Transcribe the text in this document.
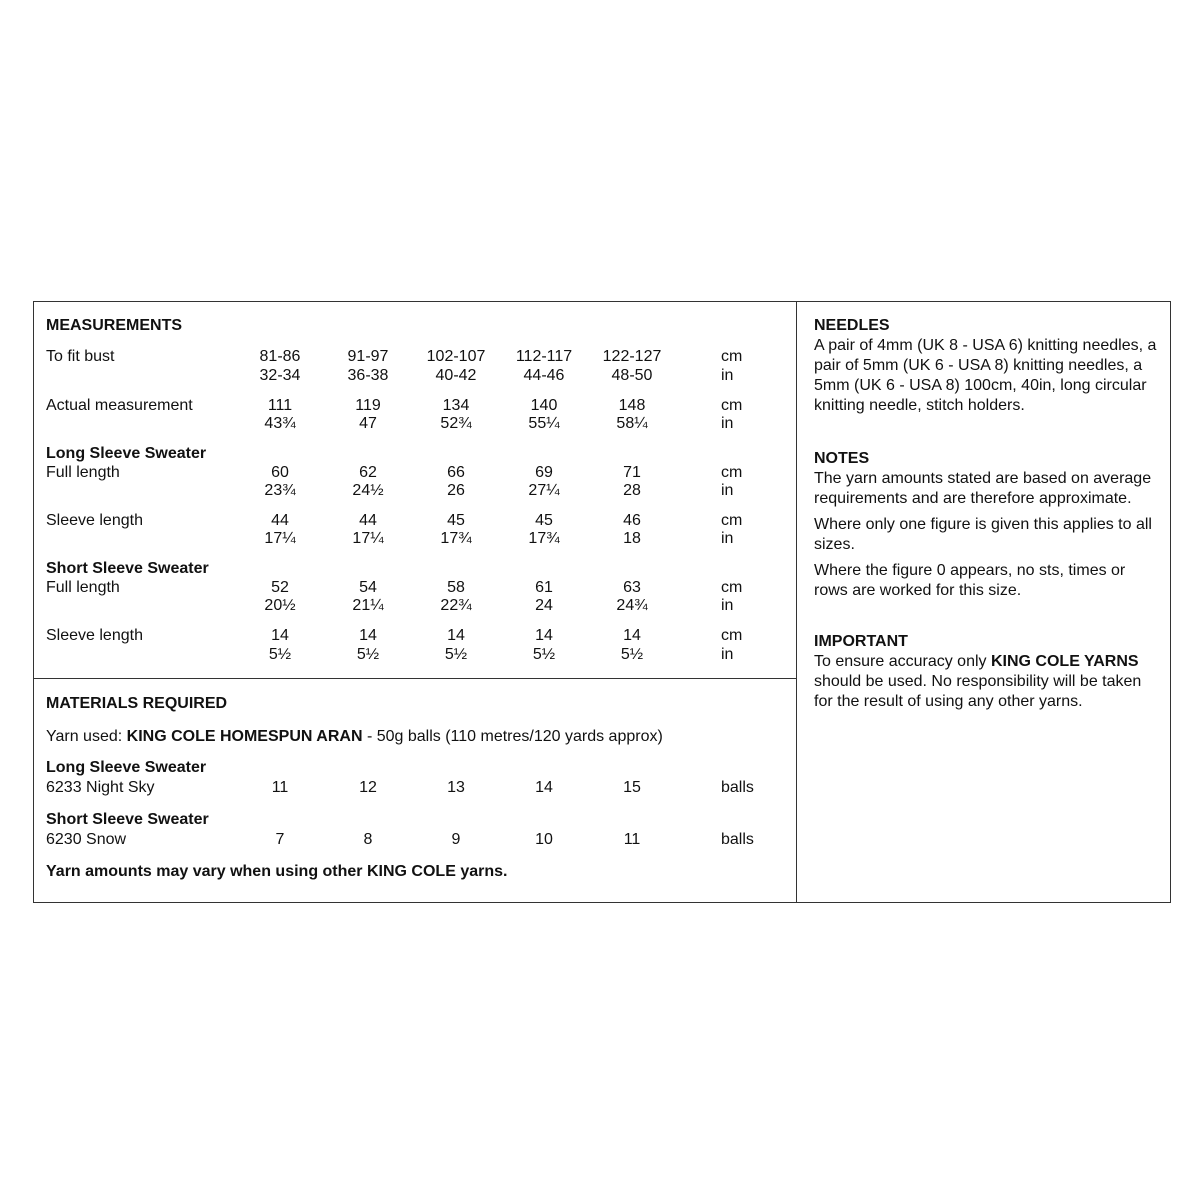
MEASUREMENTS
To fit bust	81-86	91-97	102-107	112-117	122-127	cm
32-34	36-38	40-42	44-46	48-50	in
Actual measurement	111	119	134	140	148	cm
43¾	47	52¾	55¼	58¼	in
Long Sleeve Sweater
Full length	60	62	66	69	71	cm
23¾	24½	26	27¼	28	in
Sleeve length	44	44	45	45	46	cm
17¼	17¼	17¾	17¾	18	in
Short Sleeve Sweater
Full length	52	54	58	61	63	cm
20½	21¼	22¾	24	24¾	in
Sleeve length	14	14	14	14	14	cm
5½	5½	5½	5½	5½	in
MATERIALS REQUIRED
Yarn used: KING COLE HOMESPUN ARAN - 50g balls (110 metres/120 yards approx)
Long Sleeve Sweater
6233 Night Sky	11	12	13	14	15	balls
Short Sleeve Sweater
6230 Snow	7	8	9	10	11	balls
Yarn amounts may vary when using other KING COLE yarns.

NEEDLES

A pair of 4mm (UK 8 - USA 6) knitting needles, a pair of 5mm (UK 6 - USA 8) knitting needles, a 5mm (UK 6 - USA 8) 100cm, 40in, long circular knitting needle, stitch holders.

NOTES

The yarn amounts stated are based on average requirements and are therefore approximate.

Where only one figure is given this applies to all sizes.

Where the figure 0 appears, no sts, times or rows are worked for this size.

IMPORTANT

To ensure accuracy only KING COLE YARNS should be used. No responsibility will be taken for the result of using any other yarns.
